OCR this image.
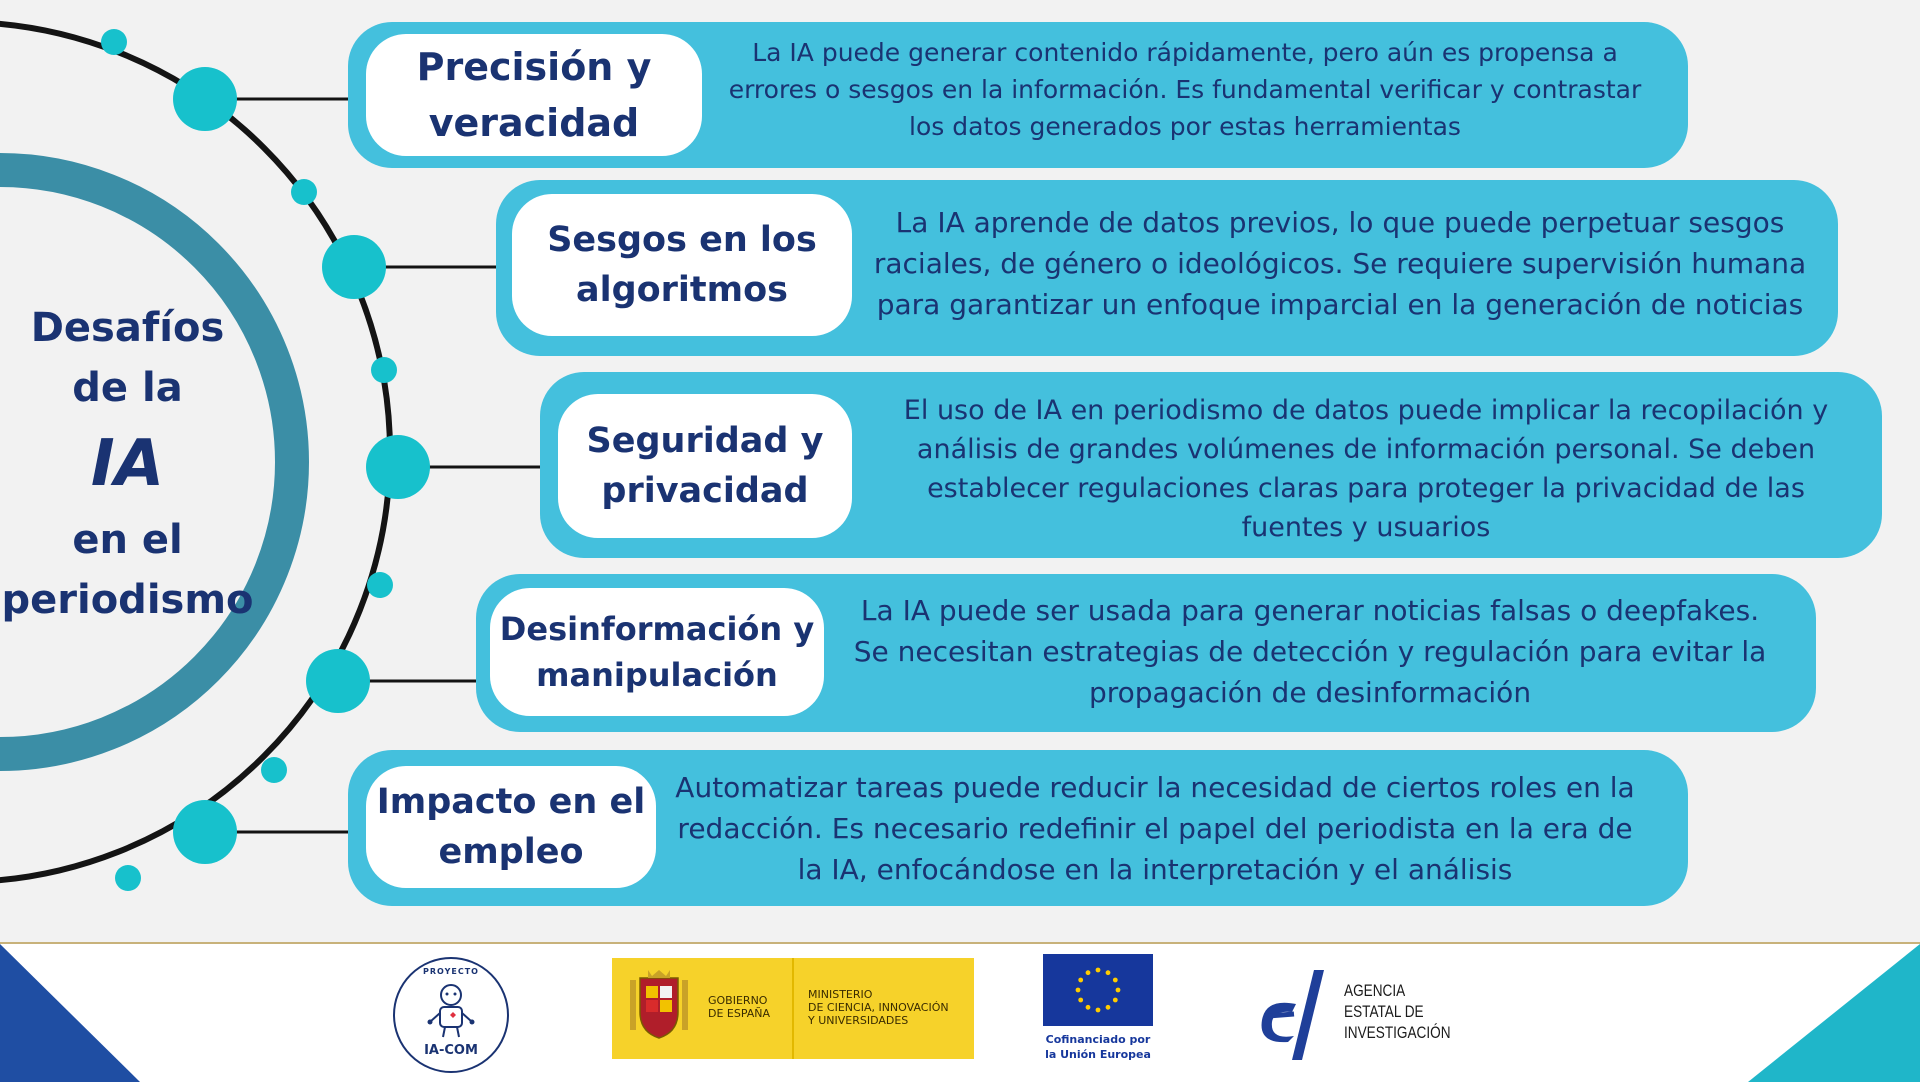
Desafíos
de la
IA
en el
periodismo
Precisión y
veracidad
La IA puede generar contenido rápidamente, pero aún es propensa a
errores o sesgos en la información. Es fundamental verificar y contrastar
los datos generados por estas herramientas
Sesgos en los
algoritmos
La IA aprende de datos previos, lo que puede perpetuar sesgos
raciales, de género o ideológicos. Se requiere supervisión humana
para garantizar un enfoque imparcial en la generación de noticias
Seguridad y
privacidad
El uso de IA en periodismo de datos puede implicar la recopilación y
análisis de grandes volúmenes de información personal. Se deben
establecer regulaciones claras para proteger la privacidad de las
fuentes y usuarios
Desinformación y
manipulación
La IA puede ser usada para generar noticias falsas o deepfakes.
Se necesitan estrategias de detección y regulación para evitar la
propagación de desinformación
Impacto en el
empleo
Automatizar tareas puede reducir la necesidad de ciertos roles en la
redacción. Es necesario redefinir el papel del periodista en la era de
la IA, enfocándose en la interpretación y el análisis
PROYECTO
IA-COM
GOBIERNO
DE ESPAÑA
MINISTERIO
DE CIENCIA, INNOVACIÓN
Y UNIVERSIDADES
Cofinanciado por
la Unión Europea
AGENCIA
ESTATAL DE
INVESTIGACIÓN
